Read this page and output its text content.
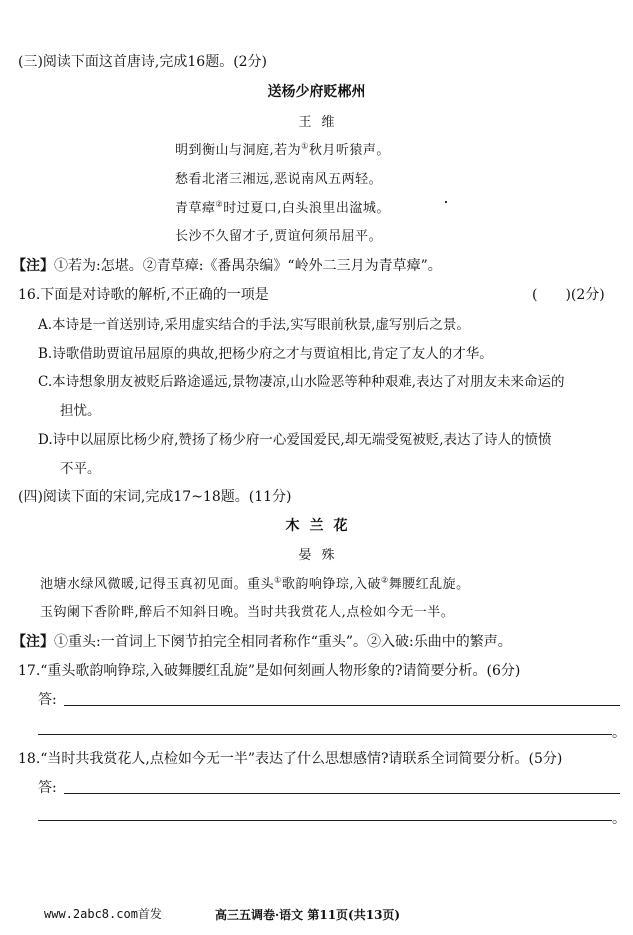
(三)阅读下面这首唐诗,完成16题。(2分)
送杨少府贬郴州
王维
明到衡山与洞庭,若为①秋月听猿声。
愁看北渚三湘远,恶说南风五两轻。
青草瘴②时过夏口,白头浪里出湓城。
长沙不久留才子,贾谊何须吊屈平。
【注】①若为:怎堪。②青草瘴:《番禺杂编》“岭外二三月为青草瘴”。
16.下面是对诗歌的解析,不正确的一项是	(　　)(2分)
A.本诗是一首送别诗,采用虚实结合的手法,实写眼前秋景,虚写别后之景。
B.诗歌借助贾谊吊屈原的典故,把杨少府之才与贾谊相比,肯定了友人的才华。
C.本诗想象朋友被贬后路途遥远,景物凄凉,山水险恶等种种艰难,表达了对朋友未来命运的
担忧。
D.诗中以屈原比杨少府,赞扬了杨少府一心爱国爱民,却无端受冤被贬,表达了诗人的愤愤
不平。
(四)阅读下面的宋词,完成17~18题。(11分)
木兰花
晏殊
池塘水绿风微暖,记得玉真初见面。重头①歌韵响铮琮,入破②舞腰红乱旋。
玉钩阑下香阶畔,醉后不知斜日晚。当时共我赏花人,点检如今无一半。
【注】①重头:一首词上下阕节拍完全相同者称作“重头”。②入破:乐曲中的繁声。
17.“重头歌韵响铮琮,入破舞腰红乱旋”是如何刻画人物形象的?请简要分析。(6分)
答:
。
18.“当时共我赏花人,点检如今无一半”表达了什么思想感情?请联系全词简要分析。(5分)
答:
。
www.2abc8.com首发	高三五调卷·语文 第11页(共13页)
